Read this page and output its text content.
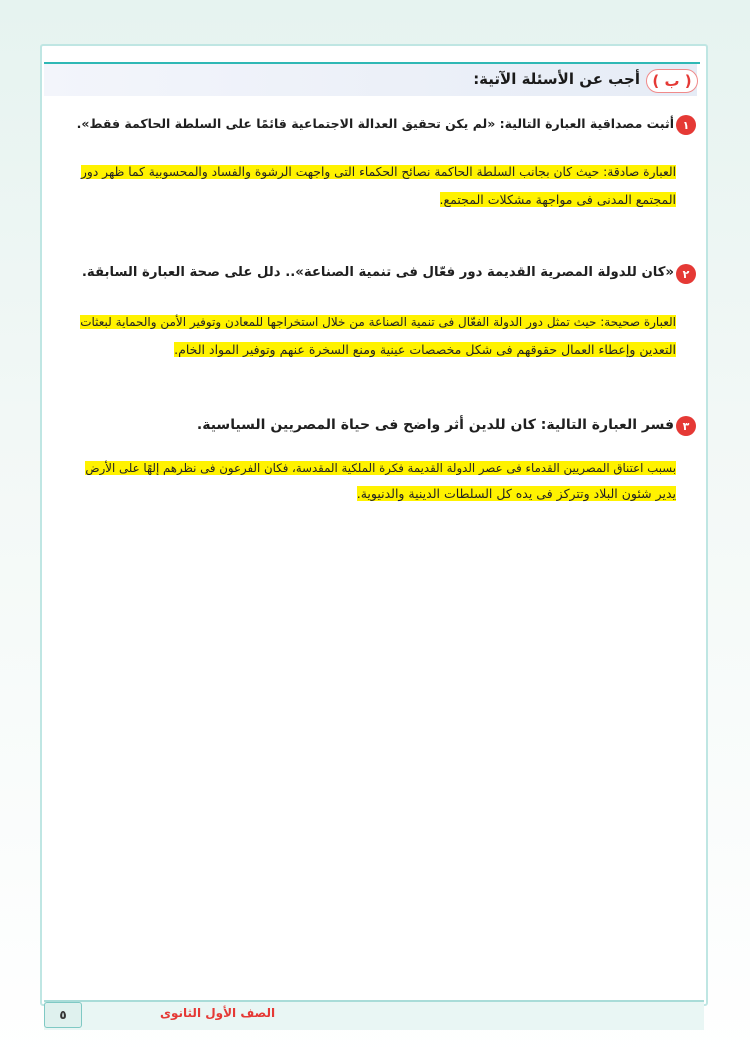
( ب )
أجب عن الأسئلة الآتية:
١
أثبت مصداقية العبارة التالية: «لم يكن تحقيق العدالة الاجتماعية قائمًا على السلطة الحاكمة فقط».
العبارة صادقة: حيث كان بجانب السلطة الحاكمة نصائح الحكماء التى واجهت الرشوة والفساد والمحسوبية كما ظهر دور
المجتمع المدنى فى مواجهة مشكلات المجتمع.
٢
«كان للدولة المصرية القديمة دور فعّال فى تنمية الصناعة».. دلل على صحة العبارة السابقة.
العبارة صحيحة: حيث تمثل دور الدولة الفعّال فى تنمية الصناعة من خلال استخراجها للمعادن وتوفير الأمن والحماية لبعثات
التعدين وإعطاء العمال حقوقهم فى شكل مخصصات عينية ومنع السخرة عنهم وتوفير المواد الخام.
٣
فسر العبارة التالية: كان للدين أثر واضح فى حياة المصريين السياسية.
بسبب اعتناق المصريين القدماء فى عصر الدولة القديمة فكرة الملكية المقدسة، فكان الفرعون فى نظرهم إلهًا على الأرض
يدير شئون البلاد وتتركز فى يده كل السلطات الدينية والدنيوية.
٥	الصف الأول الثانوى
